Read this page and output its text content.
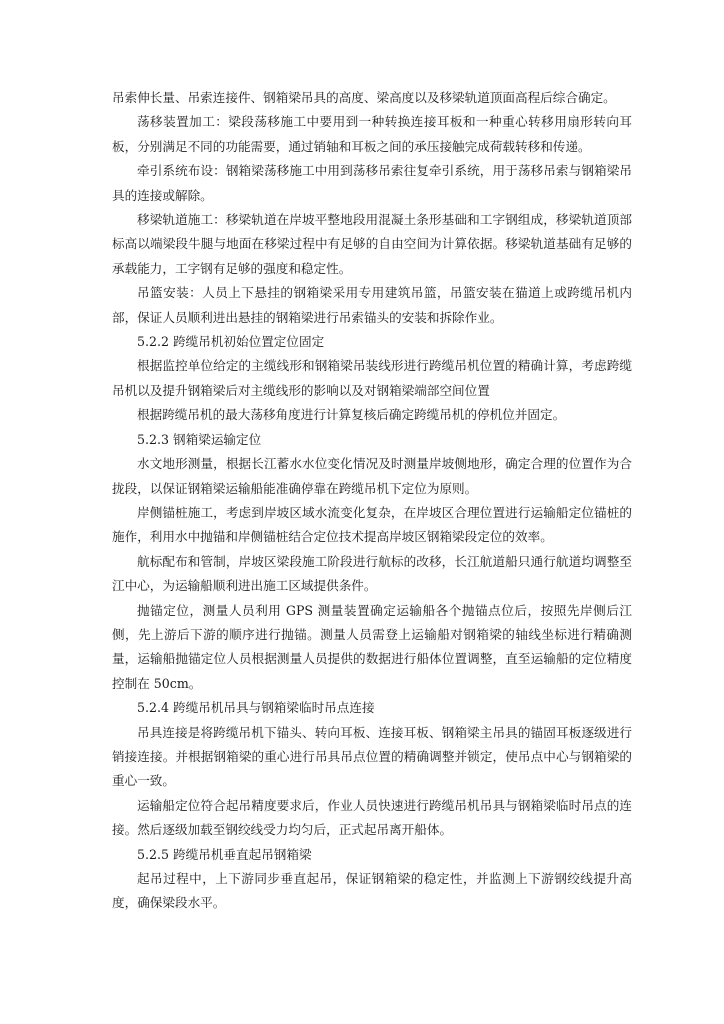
吊索伸长量、吊索连接件、钢箱梁吊具的高度、梁高度以及移梁轨道顶面高程后综合确定。

荡移装置加工：梁段荡移施工中要用到一种转换连接耳板和一种重心转移用扇形转向耳板，分别满足不同的功能需要，通过销轴和耳板之间的承压接触完成荷载转移和传递。

牵引系统布设：钢箱梁荡移施工中用到荡移吊索往复牵引系统，用于荡移吊索与钢箱梁吊具的连接或解除。

移梁轨道施工：移梁轨道在岸坡平整地段用混凝土条形基础和工字钢组成，移梁轨道顶部标高以端梁段牛腿与地面在移梁过程中有足够的自由空间为计算依据。移梁轨道基础有足够的承载能力，工字钢有足够的强度和稳定性。

吊篮安装：人员上下悬挂的钢箱梁采用专用建筑吊篮，吊篮安装在猫道上或跨缆吊机内部，保证人员顺利进出悬挂的钢箱梁进行吊索锚头的安装和拆除作业。

5.2.2 跨缆吊机初始位置定位固定

根据监控单位给定的主缆线形和钢箱梁吊装线形进行跨缆吊机位置的精确计算，考虑跨缆吊机以及提升钢箱梁后对主缆线形的影响以及对钢箱梁端部空间位置

根据跨缆吊机的最大荡移角度进行计算复核后确定跨缆吊机的停机位并固定。

5.2.3 钢箱梁运输定位

水文地形测量，根据长江蓄水水位变化情况及时测量岸坡侧地形，确定合理的位置作为合拢段，以保证钢箱梁运输船能准确停靠在跨缆吊机下定位为原则。

岸侧锚桩施工，考虑到岸坡区域水流变化复杂，在岸坡区合理位置进行运输船定位锚桩的施作，利用水中抛锚和岸侧锚桩结合定位技术提高岸坡区钢箱梁段定位的效率。

航标配布和管制，岸坡区梁段施工阶段进行航标的改移，长江航道船只通行航道均调整至江中心，为运输船顺利进出施工区域提供条件。

抛锚定位，测量人员利用 GPS 测量装置确定运输船各个抛锚点位后，按照先岸侧后江侧，先上游后下游的顺序进行抛锚。测量人员需登上运输船对钢箱梁的轴线坐标进行精确测量，运输船抛锚定位人员根据测量人员提供的数据进行船体位置调整，直至运输船的定位精度控制在 50cm。

5.2.4 跨缆吊机吊具与钢箱梁临时吊点连接

吊具连接是将跨缆吊机下锚头、转向耳板、连接耳板、钢箱梁主吊具的锚固耳板逐级进行销接连接。并根据钢箱梁的重心进行吊具吊点位置的精确调整并锁定，使吊点中心与钢箱梁的重心一致。

运输船定位符合起吊精度要求后，作业人员快速进行跨缆吊机吊具与钢箱梁临时吊点的连接。然后逐级加载至钢绞线受力均匀后，正式起吊离开船体。

5.2.5 跨缆吊机垂直起吊钢箱梁

起吊过程中，上下游同步垂直起吊，保证钢箱梁的稳定性，并监测上下游钢绞线提升高度，确保梁段水平。
